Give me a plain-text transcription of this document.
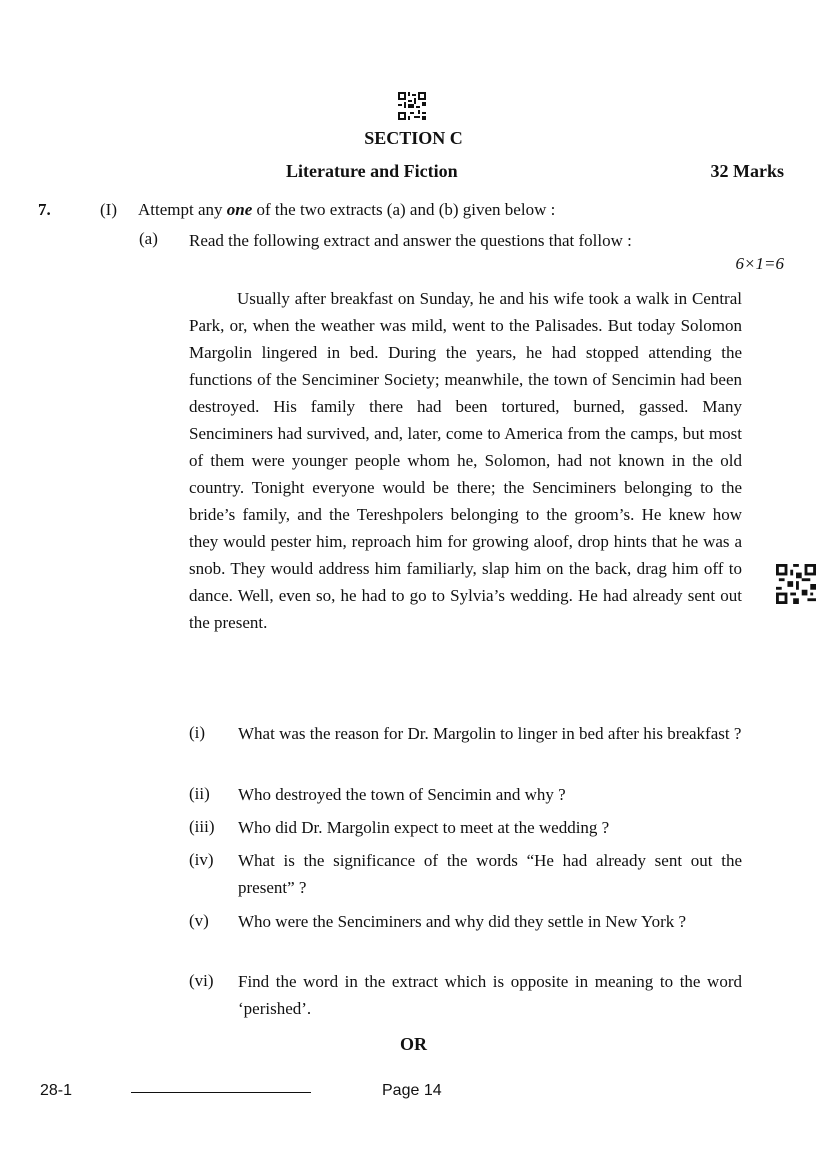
SECTION C
Literature and Fiction	32 Marks
7.	(I) Attempt any one of the two extracts (a) and (b) given below :
(a) Read the following extract and answer the questions that follow :
6×1=6

Usually after breakfast on Sunday, he and his wife took a walk in Central Park, or, when the weather was mild, went to the Palisades. But today Solomon Margolin lingered in bed. During the years, he had stopped attending the functions of the Senciminer Society; meanwhile, the town of Sencimin had been destroyed. His family there had been tortured, burned, gassed. Many Senciminers had survived, and, later, come to America from the camps, but most of them were younger people whom he, Solomon, had not known in the old country. Tonight everyone would be there; the Senciminers belonging to the bride’s family, and the Tereshpolers belonging to the groom’s. He knew how they would pester him, reproach him for growing aloof, drop hints that he was a snob. They would address him familiarly, slap him on the back, drag him off to dance. Well, even so, he had to go to Sylvia’s wedding. He had already sent out the present.

(i) What was the reason for Dr. Margolin to linger in bed after his breakfast ?
(ii) Who destroyed the town of Sencimin and why ?
(iii) Who did Dr. Margolin expect to meet at the wedding ?
(iv) What is the significance of the words “He had already sent out the present” ?
(v) Who were the Senciminers and why did they settle in New York ?
(vi) Find the word in the extract which is opposite in meaning to the word ‘perished’.
OR
28-1	Page 14
